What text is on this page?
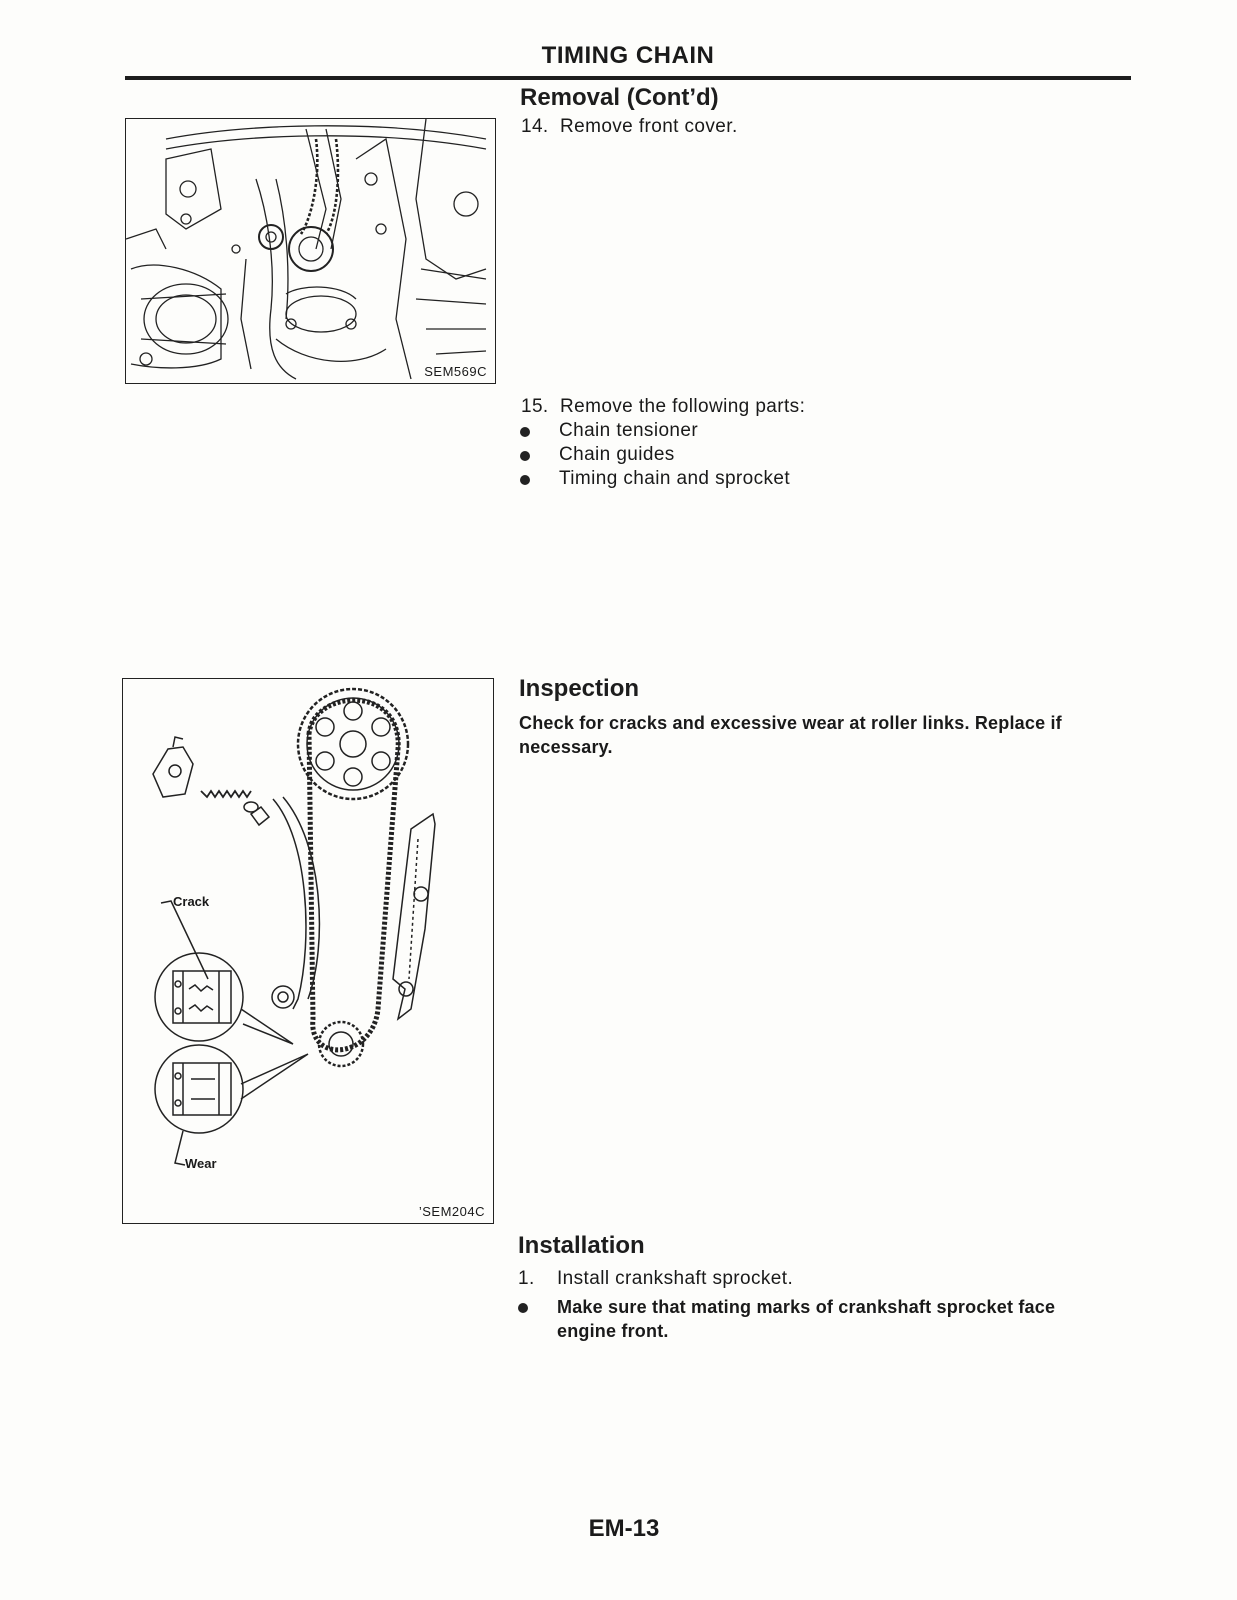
TIMING CHAIN
Removal (Cont’d)
14. Remove front cover.
SEM569C
15. Remove the following parts:
Chain tensioner
Chain guides
Timing chain and sprocket
Crack
Wear
’SEM204C
Inspection
Check for cracks and excessive wear at roller links. Replace if
necessary.
Installation
1. Install crankshaft sprocket.
Make sure that mating marks of crankshaft sprocket face
engine front.
EM-13
